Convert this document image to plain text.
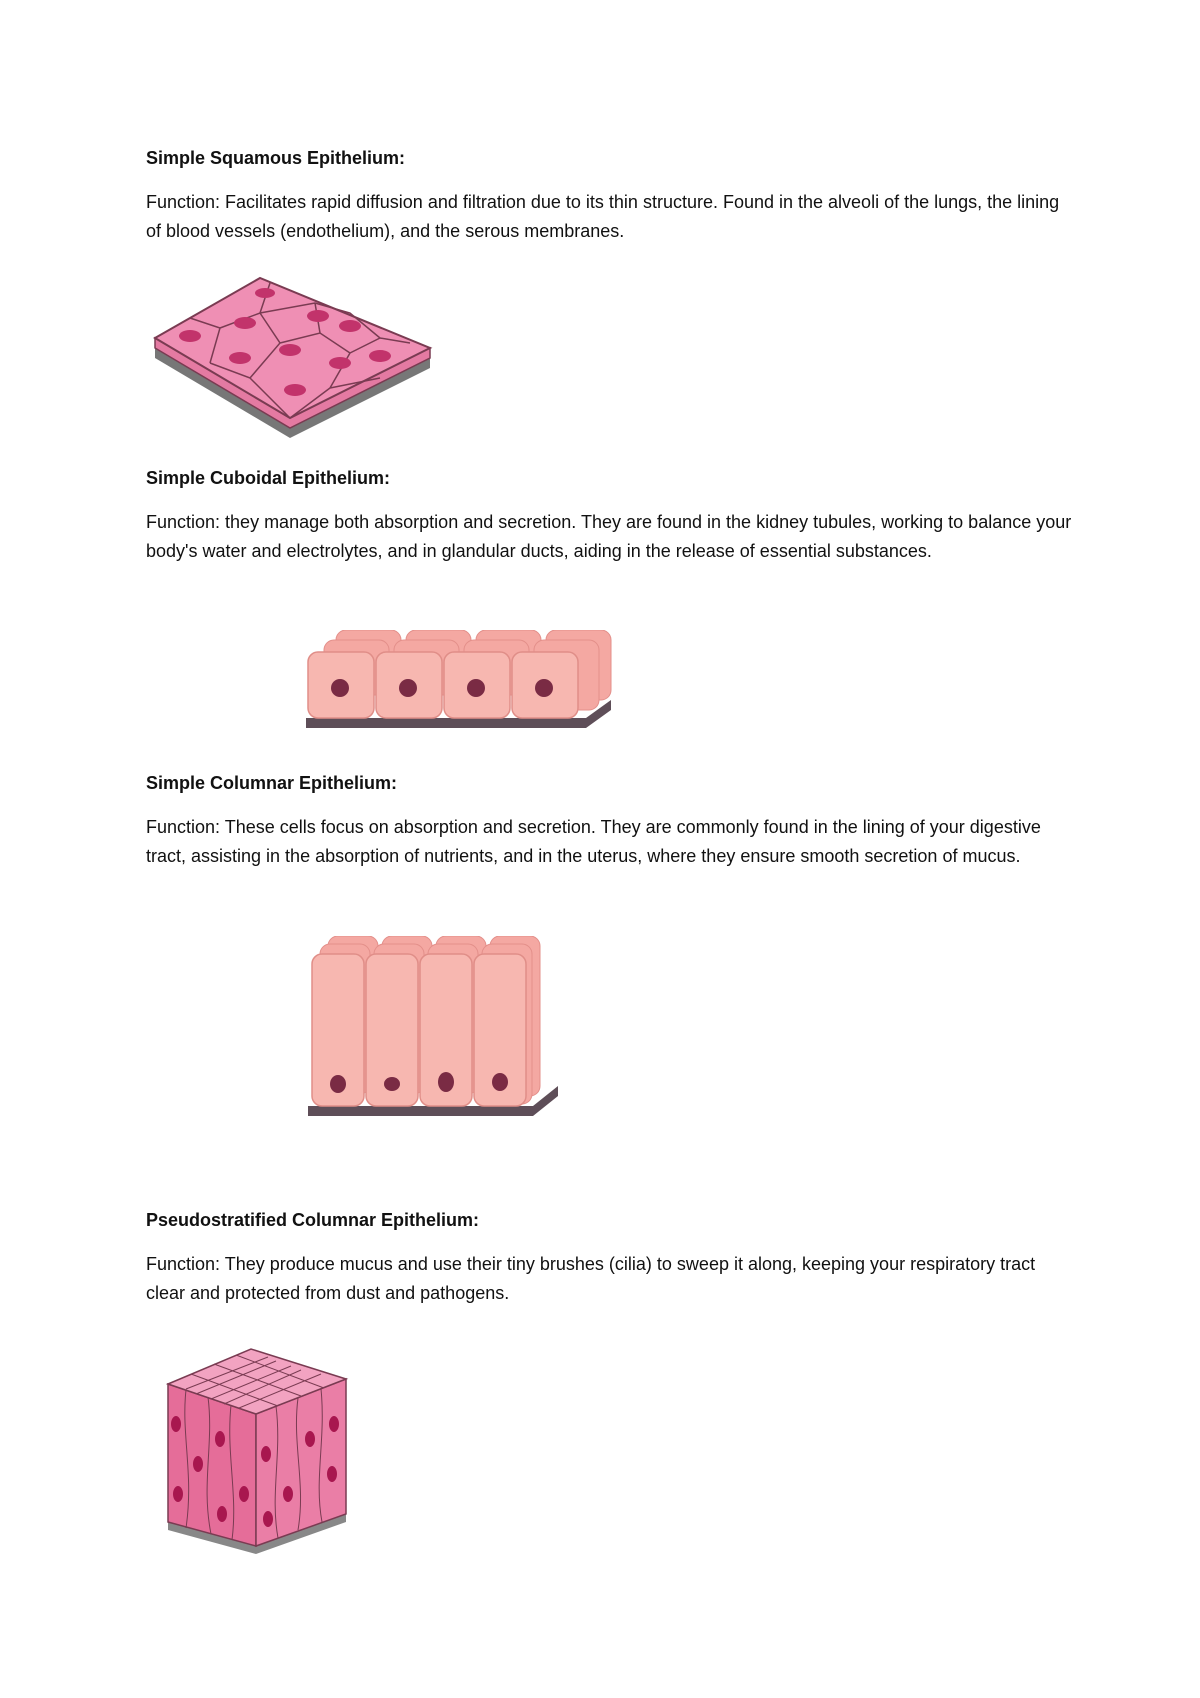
Simple Squamous Epithelium:

Function: Facilitates rapid diffusion and filtration due to its thin structure. Found in the alveoli of the lungs, the lining of blood vessels (endothelium), and the serous membranes.

Simple Cuboidal Epithelium:

Function: they manage both absorption and secretion. They are found in the kidney tubules, working to balance your body's water and electrolytes, and in glandular ducts, aiding in the release of essential substances.

Simple Columnar Epithelium:

Function: These cells focus on absorption and secretion. They are commonly found in the lining of your digestive tract, assisting in the absorption of nutrients, and in the uterus, where they ensure smooth secretion of mucus.

Pseudostratified Columnar Epithelium:

Function: They produce mucus and use their tiny brushes (cilia) to sweep it along, keeping your respiratory tract clear and protected from dust and pathogens.
